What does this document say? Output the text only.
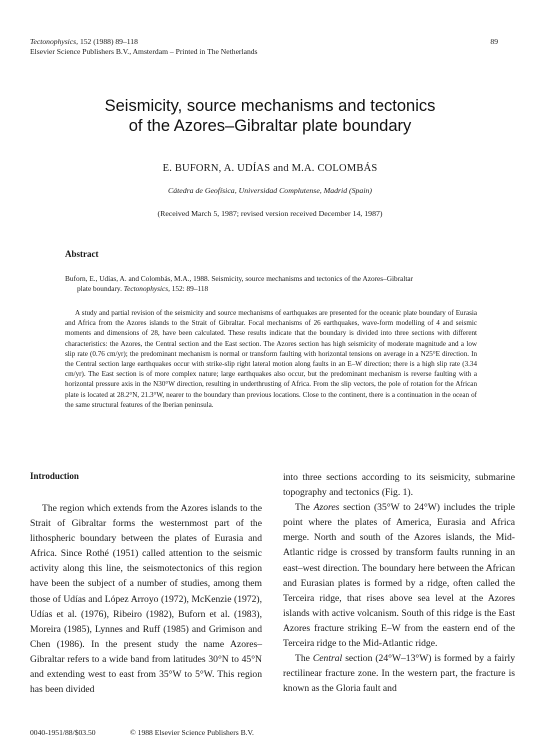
Tectonophysics, 152 (1988) 89–118
Elsevier Science Publishers B.V., Amsterdam – Printed in The Netherlands
89
Seismicity, source mechanisms and tectonics
of the Azores–Gibraltar plate boundary
E. BUFORN, A. UDÍAS and M.A. COLOMBÁS
Cátedra de Geofísica, Universidad Complutense, Madrid (Spain)
(Received March 5, 1987; revised version received December 14, 1987)
Abstract

Buforn, E., Udías, A. and Colombás, M.A., 1988. Seismicity, source mechanisms and tectonics of the Azores–Gibraltar

plate boundary. Tectonophysics, 152: 89–118

A study and partial revision of the seismicity and source mechanisms of earthquakes are presented for the oceanic plate boundary of Eurasia and Africa from the Azores islands to the Strait of Gibraltar. Focal mechanisms of 26 earthquakes, wave-form modelling of 4 and seismic moments and dimensions of 28, have been calculated. These results indicate that the boundary is divided into three sections with different characteristics: the Azores, the Central section and the East section. The Azores section has high seismicity of moderate magnitude and a low slip rate (0.76 cm/yr); the predominant mechanism is normal or transform faulting with horizontal tensions on average in a N25°E direction. In the Central section large earthquakes occur with strike-slip right lateral motion along faults in an E–W direction; there is a high slip rate (3.34 cm/yr). The East section is of more complex nature; large earthquakes also occur, but the predominant mechanism is reverse faulting with a horizontal pressure axis in the N30°W direction, resulting in underthrusting of Africa. From the slip vectors, the pole of rotation for the African plate is located at 28.2°N, 21.3°W, nearer to the boundary than previous locations. Close to the continent, there is a continuation in the ocean of the same structural features of the Iberian peninsula.

Introduction

The region which extends from the Azores islands to the Strait of Gibraltar forms the westernmost part of the lithospheric boundary between the plates of Eurasia and Africa. Since Rothé (1951) called attention to the seismic activity along this line, the seismotectonics of this region have been the subject of a number of studies, among them those of Udías and López Arroyo (1972), McKenzie (1972), Udías et al. (1976), Ribeiro (1982), Buforn et al. (1983), Moreira (1985), Lynnes and Ruff (1985) and Grimison and Chen (1986). In the present study the name Azores–Gibraltar refers to a wide band from latitudes 30°N to 45°N and extending west to east from 35°W to 5°W. This region has been divided

into three sections according to its seismicity, submarine topography and tectonics (Fig. 1).

The Azores section (35°W to 24°W) includes the triple point where the plates of America, Eurasia and Africa merge. North and south of the Azores islands, the Mid-Atlantic ridge is crossed by transform faults running in an east–west direction. The boundary here between the African and Eurasian plates is formed by a ridge, often called the Terceira ridge, that rises above sea level at the Azores islands with active volcanism. South of this ridge is the East Azores fracture striking E–W from the eastern end of the Terceira ridge to the Mid-Atlantic ridge.

The Central section (24°W–13°W) is formed by a fairly rectilinear fracture zone. In the western part, the fracture is known as the Gloria fault and

0040-1951/88/$03.50	© 1988 Elsevier Science Publishers B.V.
